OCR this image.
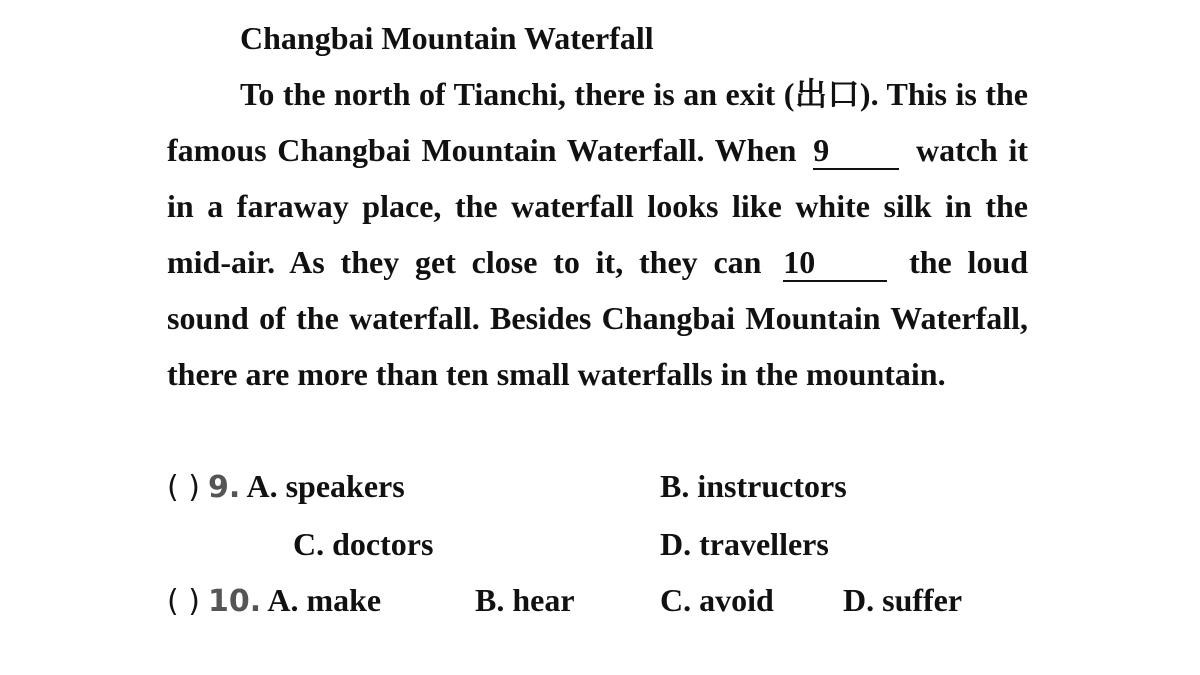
Changbai Mountain Waterfall
To the north of Tianchi, there is an exit (出口). This is the famous Changbai Mountain Waterfall. When 9	watch it in a faraway place, the waterfall looks like white silk in the mid-air. As they get close to it, they can 10	the loud sound of the waterfall. Besides Changbai Mountain Waterfall, there are more than ten small waterfalls in the mountain.
( ) 9. A. speakers	B. instructors
C. doctors	D. travellers
( ) 10. A. make	B. hear	C. avoid D. suffer
